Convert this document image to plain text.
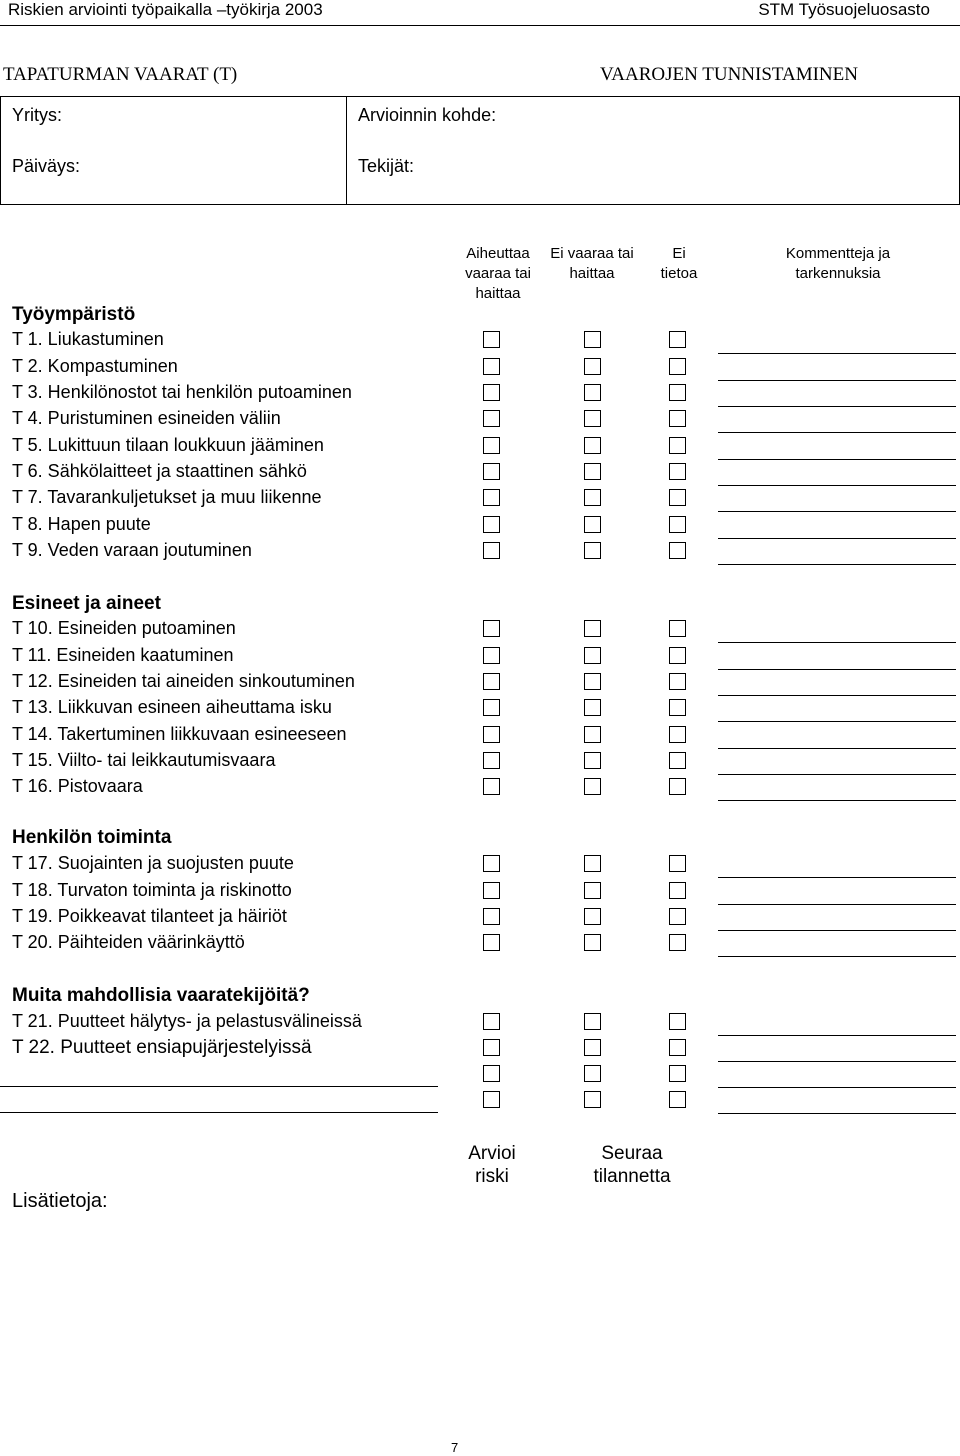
Riskien arviointi työpaikalla –työkirja 2003	STM Työsuojeluosasto
TAPATURMAN VAARAT (T)	VAAROJEN TUNNISTAMINEN
Yritys:	Arvioinnin kohde:
Päiväys:	Tekijät:
Aiheuttaa vaaraa tai haittaa
Ei vaaraa tai haittaa
Ei tietoa
Kommentteja ja tarkennuksia
Työympäristö
Esineet ja aineet
Henkilön toiminta
Muita mahdollisia vaaratekijöitä?
T 1. Liukastuminen
T 2. Kompastuminen
T 3. Henkilönostot tai henkilön putoaminen
T 4. Puristuminen esineiden väliin
T 5. Lukittuun tilaan loukkuun jääminen
T 6. Sähkölaitteet ja staattinen sähkö
T 7. Tavarankuljetukset ja muu liikenne
T 8. Hapen puute
T 9. Veden varaan joutuminen
T 10. Esineiden putoaminen
T 11. Esineiden kaatuminen
T 12. Esineiden tai aineiden sinkoutuminen
T 13. Liikkuvan esineen aiheuttama isku
T 14. Takertuminen liikkuvaan esineeseen
T 15. Viilto- tai leikkautumisvaara
T 16. Pistovaara
T 17. Suojainten ja suojusten puute
T 18. Turvaton toiminta ja riskinotto
T 19. Poikkeavat tilanteet ja häiriöt
T 20. Päihteiden väärinkäyttö
T 21. Puutteet hälytys- ja pelastusvälineissä
T 22. Puutteet ensiapujärjestelyissä
Arvioi riski
Seuraa tilannetta
Lisätietoja:
7
